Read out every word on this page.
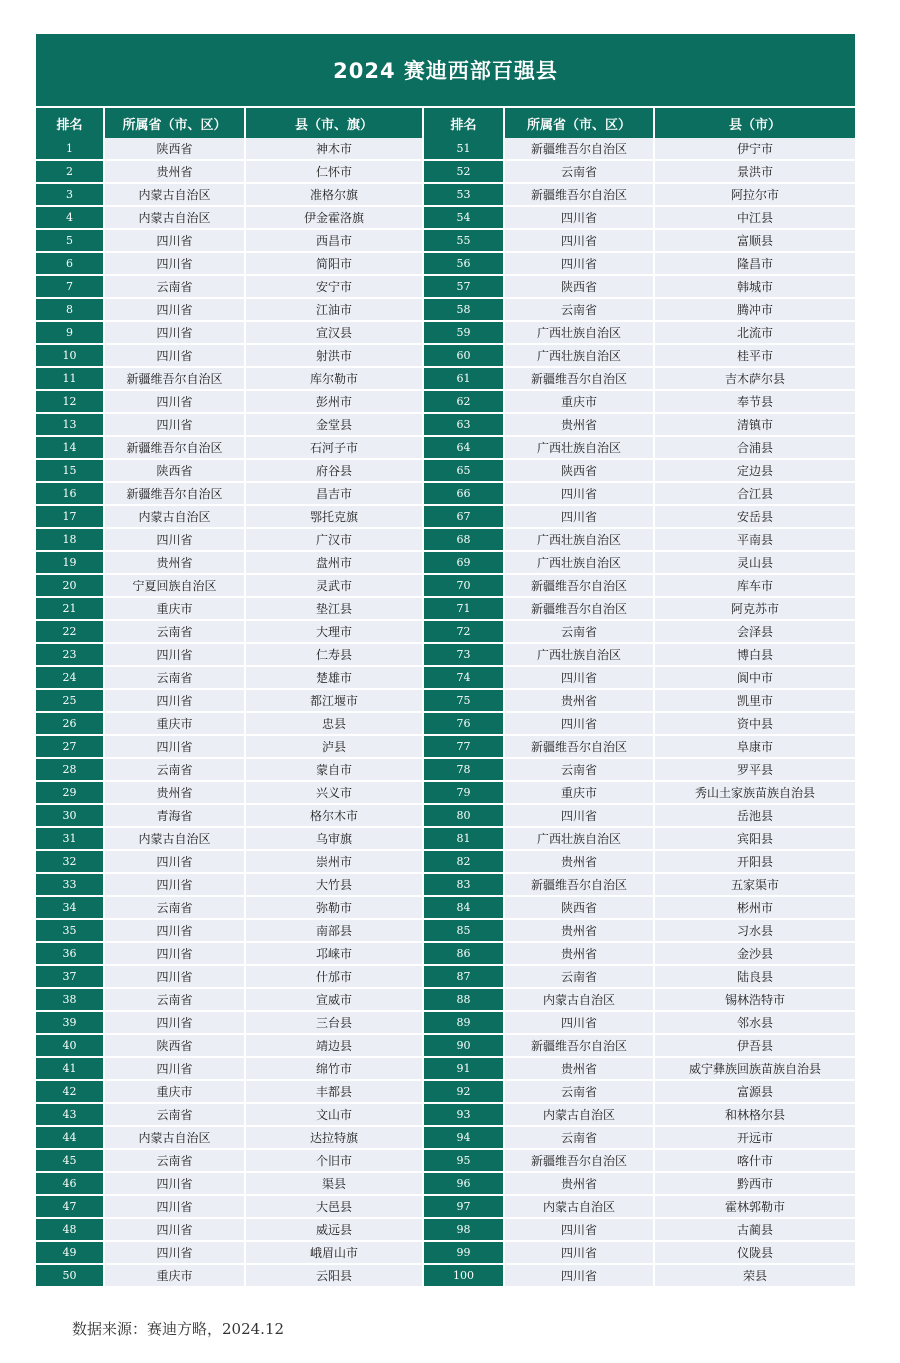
2024 赛迪西部百强县
排名	所属省（市、区）	县（市、旗）	排名	所属省（市、区）	县（市）
1	陕西省	神木市	51	新疆维吾尔自治区	伊宁市
2	贵州省	仁怀市	52	云南省	景洪市
3	内蒙古自治区	准格尔旗	53	新疆维吾尔自治区	阿拉尔市
4	内蒙古自治区	伊金霍洛旗	54	四川省	中江县
5	四川省	西昌市	55	四川省	富顺县
6	四川省	简阳市	56	四川省	隆昌市
7	云南省	安宁市	57	陕西省	韩城市
8	四川省	江油市	58	云南省	腾冲市
9	四川省	宣汉县	59	广西壮族自治区	北流市
10	四川省	射洪市	60	广西壮族自治区	桂平市
11	新疆维吾尔自治区	库尔勒市	61	新疆维吾尔自治区	吉木萨尔县
12	四川省	彭州市	62	重庆市	奉节县
13	四川省	金堂县	63	贵州省	清镇市
14	新疆维吾尔自治区	石河子市	64	广西壮族自治区	合浦县
15	陕西省	府谷县	65	陕西省	定边县
16	新疆维吾尔自治区	昌吉市	66	四川省	合江县
17	内蒙古自治区	鄂托克旗	67	四川省	安岳县
18	四川省	广汉市	68	广西壮族自治区	平南县
19	贵州省	盘州市	69	广西壮族自治区	灵山县
20	宁夏回族自治区	灵武市	70	新疆维吾尔自治区	库车市
21	重庆市	垫江县	71	新疆维吾尔自治区	阿克苏市
22	云南省	大理市	72	云南省	会泽县
23	四川省	仁寿县	73	广西壮族自治区	博白县
24	云南省	楚雄市	74	四川省	阆中市
25	四川省	都江堰市	75	贵州省	凯里市
26	重庆市	忠县	76	四川省	资中县
27	四川省	泸县	77	新疆维吾尔自治区	阜康市
28	云南省	蒙自市	78	云南省	罗平县
29	贵州省	兴义市	79	重庆市	秀山土家族苗族自治县
30	青海省	格尔木市	80	四川省	岳池县
31	内蒙古自治区	乌审旗	81	广西壮族自治区	宾阳县
32	四川省	崇州市	82	贵州省	开阳县
33	四川省	大竹县	83	新疆维吾尔自治区	五家渠市
34	云南省	弥勒市	84	陕西省	彬州市
35	四川省	南部县	85	贵州省	习水县
36	四川省	邛崃市	86	贵州省	金沙县
37	四川省	什邡市	87	云南省	陆良县
38	云南省	宣威市	88	内蒙古自治区	锡林浩特市
39	四川省	三台县	89	四川省	邻水县
40	陕西省	靖边县	90	新疆维吾尔自治区	伊吾县
41	四川省	绵竹市	91	贵州省	威宁彝族回族苗族自治县
42	重庆市	丰都县	92	云南省	富源县
43	云南省	文山市	93	内蒙古自治区	和林格尔县
44	内蒙古自治区	达拉特旗	94	云南省	开远市
45	云南省	个旧市	95	新疆维吾尔自治区	喀什市
46	四川省	渠县	96	贵州省	黔西市
47	四川省	大邑县	97	内蒙古自治区	霍林郭勒市
48	四川省	威远县	98	四川省	古蔺县
49	四川省	峨眉山市	99	四川省	仪陇县
50	重庆市	云阳县	100	四川省	荣县
数据来源：赛迪方略，2024.12
